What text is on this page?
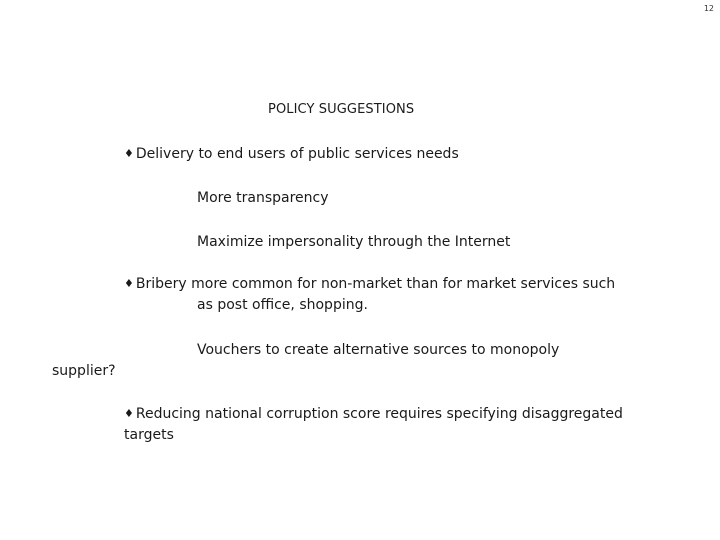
12
POLICY SUGGESTIONS
♦ Delivery to end users of public services needs
More transparency
Maximize impersonality through the Internet
♦ Bribery more common for non-market than for market services such
as post office, shopping.
Vouchers to create alternative sources to monopoly
supplier?
♦ Reducing national corruption score requires specifying disaggregated
targets
